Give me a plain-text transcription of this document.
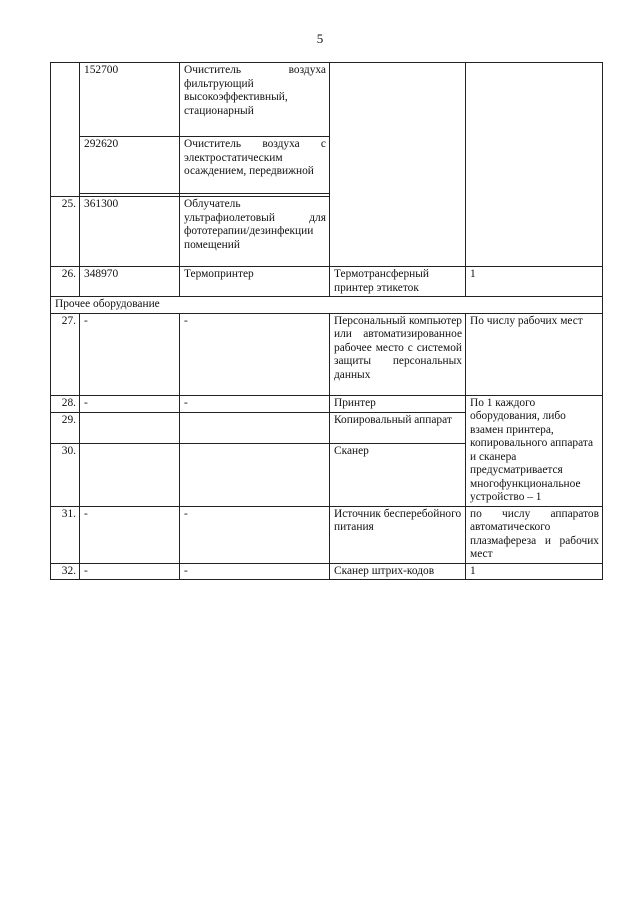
5
	152700	Очиститель воздуха фильтрующий высокоэффективный, стационарный		
	292620	Очиститель воздуха с электростатическим осаждением, передвижной		

25.	361300	Облучатель ультрафиолетовый для фототерапии/дезинфекции помещений		
26.	348970	Термопринтер	Термотрансферный принтер этикеток	1
Прочее оборудование				
27.	-	-	Персональный компьютер или автоматизированное рабочее место с системой защиты персональных данных	По числу рабочих мест
28.	-	-	Принтер	По 1 каждого оборудования, либо взамен принтера, копировального аппарата и сканера предусматривается многофункциональное устройство – 1
29.			Копировальный аппарат	
30.			Сканер	
31.	-	-	Источник бесперебойного питания	по числу аппаратов автоматического плазмафереза и рабочих мест
32.	-	-	Сканер штрих-кодов	1
